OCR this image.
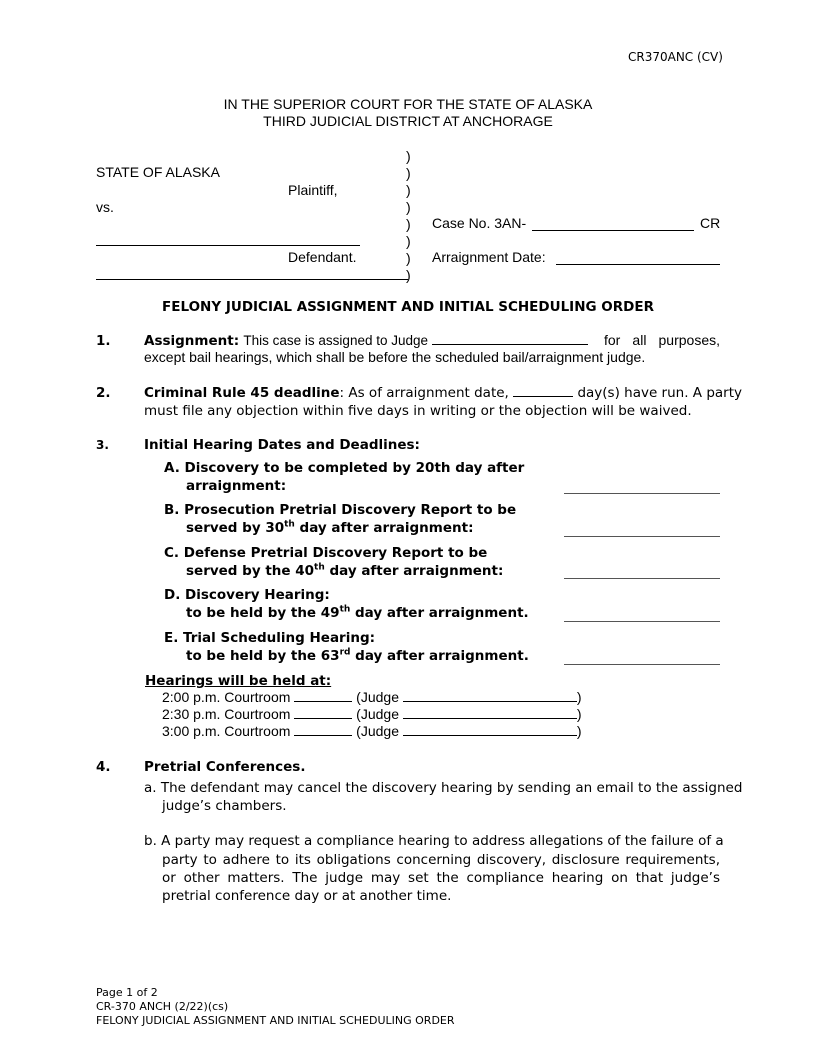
CR370ANC (CV)
IN THE SUPERIOR COURT FOR THE STATE OF ALASKA
THIRD JUDICIAL DISTRICT AT ANCHORAGE
)
)
)
)
)
)
)
)
STATE OF ALASKA
Plaintiff,
vs.
Defendant.
Case No. 3AN-	CR
Arraignment Date:
FELONY JUDICIAL ASSIGNMENT AND INITIAL SCHEDULING ORDER
1. Assignment: This case is assigned to Judge	for all purposes,
except bail hearings, which shall be before the scheduled bail/arraignment judge.
2. Criminal Rule 45 deadline: As of arraignment date,	day(s) have run. A party
must file any objection within five days in writing or the objection will be waived.
3.	Initial Hearing Dates and Deadlines:
A. Discovery to be completed by 20th day after
arraignment:
B. Prosecution Pretrial Discovery Report to be
served by 30th day after arraignment:
C. Defense Pretrial Discovery Report to be
served by the 40th day after arraignment:
D. Discovery Hearing:
to be held by the 49th day after arraignment.
E. Trial Scheduling Hearing:
to be held by the 63rd day after arraignment.
Hearings will be held at:
2:00 p.m. Courtroom	(Judge	)
2:30 p.m. Courtroom	(Judge	)
3:00 p.m. Courtroom	(Judge	)
4. Pretrial Conferences.
a. The defendant may cancel the discovery hearing by sending an email to the assigned
judge’s chambers.
b. A party may request a compliance hearing to address allegations of the failure of a
party to adhere to its obligations concerning discovery, disclosure requirements, or other matters. The judge may set the compliance hearing on that judge’s pretrial conference day or at another time.
Page 1 of 2
CR-370 ANCH (2/22)(cs)
FELONY JUDICIAL ASSIGNMENT AND INITIAL SCHEDULING ORDER
